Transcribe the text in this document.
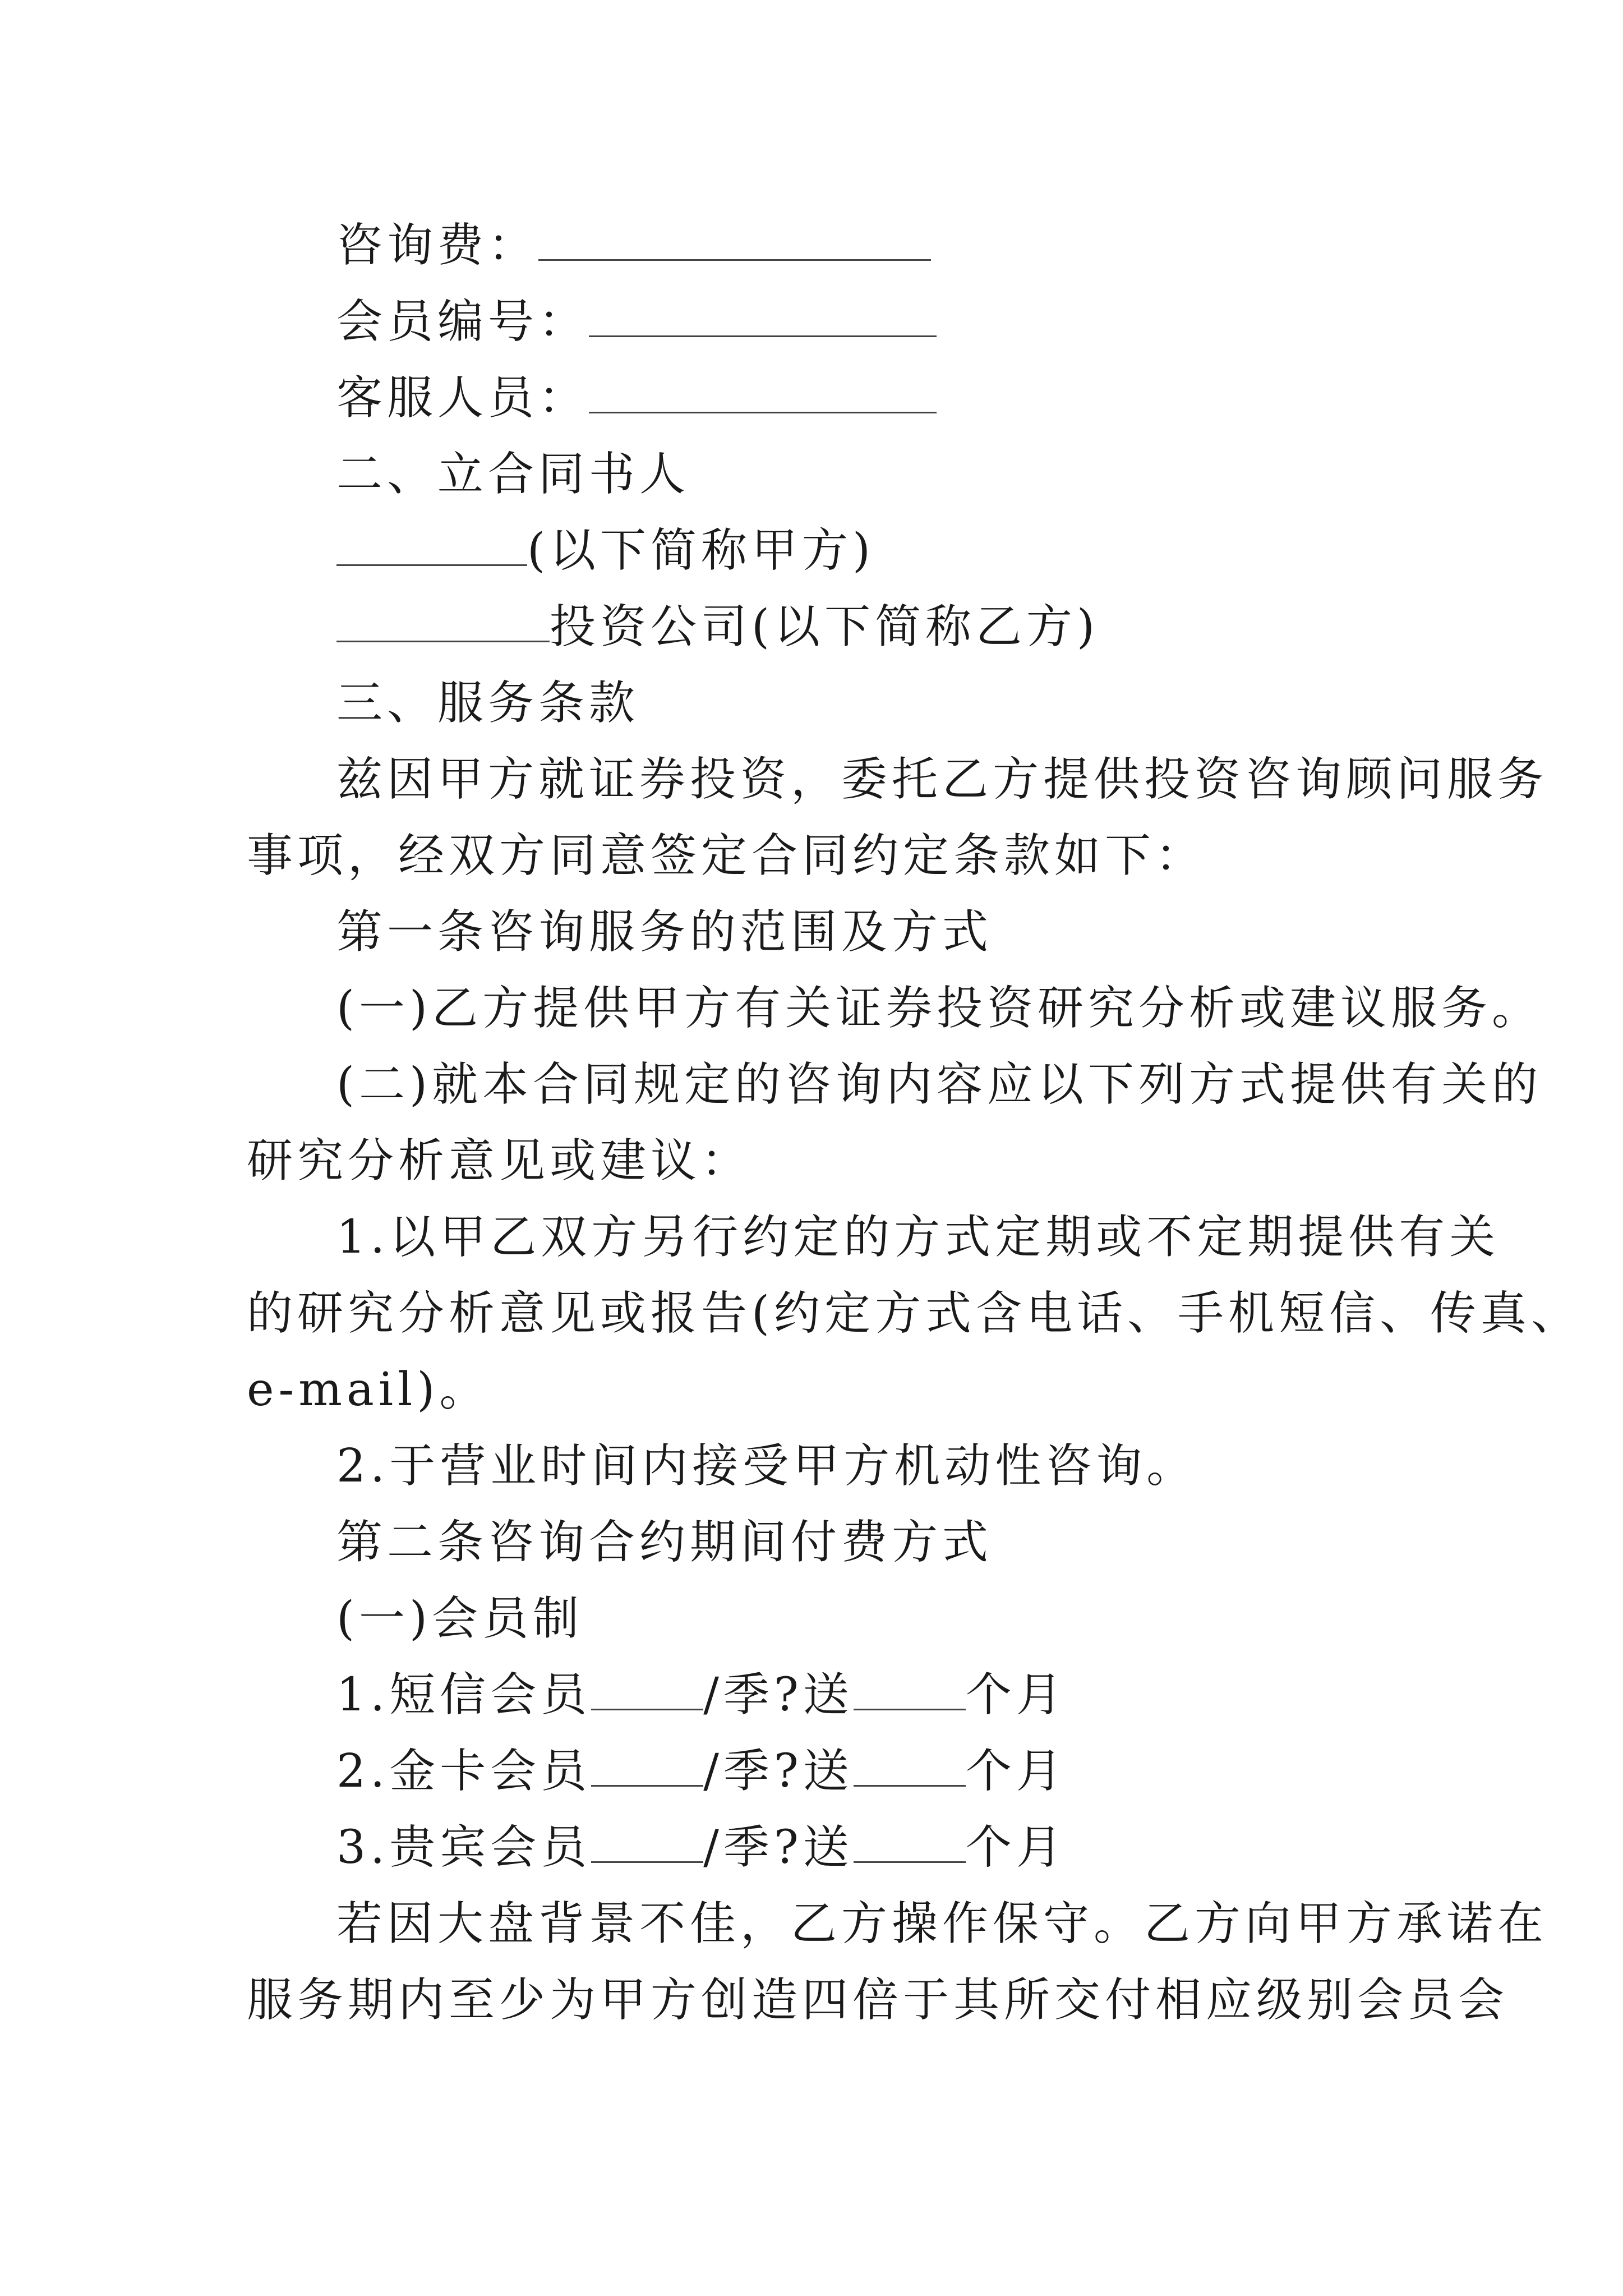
咨询费：
会员编号：
客服人员：
二、立合同书人
(以下简称甲方)
投资公司(以下简称乙方)
三、服务条款
兹因甲方就证券投资，委托乙方提供投资咨询顾问服务
事项，经双方同意签定合同约定条款如下：
第一条咨询服务的范围及方式
(一)乙方提供甲方有关证券投资研究分析或建议服务。
(二)就本合同规定的咨询内容应以下列方式提供有关的
研究分析意见或建议：
1.以甲乙双方另行约定的方式定期或不定期提供有关
的研究分析意见或报告(约定方式含电话、手机短信、传真、
e-mail)。
2.于营业时间内接受甲方机动性咨询。
第二条咨询合约期间付费方式
(一)会员制
1.短信会员 /季?送 个月
2.金卡会员 /季?送 个月
3.贵宾会员 /季?送 个月
若因大盘背景不佳，乙方操作保守。乙方向甲方承诺在
服务期内至少为甲方创造四倍于其所交付相应级别会员会
